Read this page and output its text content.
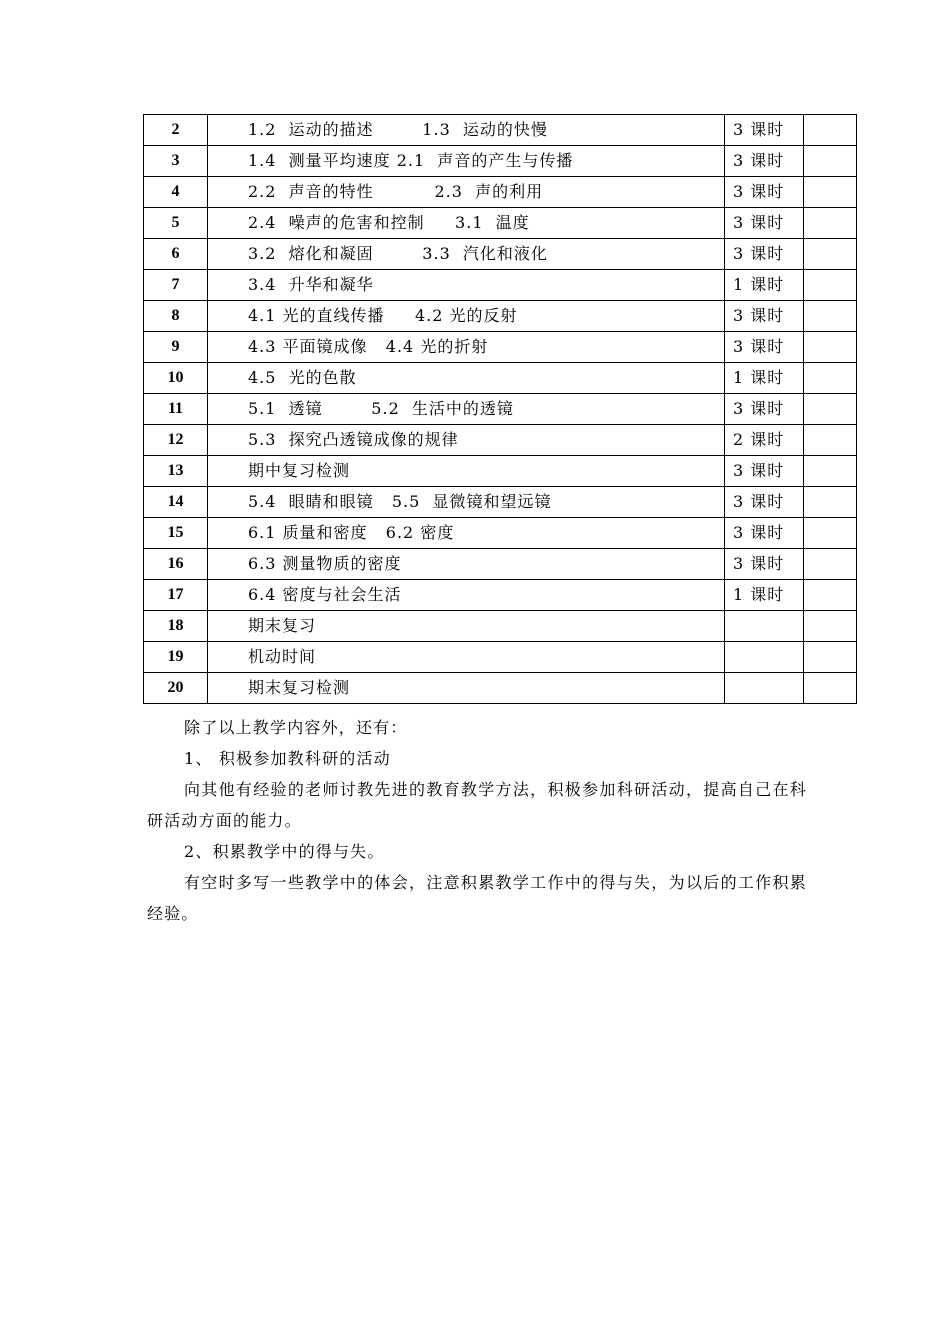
2	1.2  运动的描述        1.3  运动的快慢	3 课时	
3	1.4  测量平均速度 2.1  声音的产生与传播	3 课时	
4	2.2  声音的特性          2.3  声的利用	3 课时	
5	2.4  噪声的危害和控制     3.1  温度	3 课时	
6	3.2  熔化和凝固        3.3  汽化和液化	3 课时	
7	3.4  升华和凝华	1 课时	
8	4.1 光的直线传播     4.2 光的反射	3 课时	
9	4.3 平面镜成像   4.4 光的折射	3 课时	
10	4.5  光的色散	1 课时	
11	5.1  透镜        5.2  生活中的透镜	3 课时	
12	5.3  探究凸透镜成像的规律	2 课时	
13	期中复习检测	3 课时	
14	5.4  眼睛和眼镜   5.5  显微镜和望远镜	3 课时	
15	6.1 质量和密度   6.2 密度	3 课时	
16	6.3 测量物质的密度	3 课时	
17	6.4 密度与社会生活	1 课时	
18	期末复习		
19	机动时间		
20	期末复习检测		

除了以上教学内容外，还有：

1、 积极参加教科研的活动

向其他有经验的老师讨教先进的教育教学方法，积极参加科研活动，提高自己在科研活动方面的能力。

2、积累教学中的得与失。

有空时多写一些教学中的体会，注意积累教学工作中的得与失，为以后的工作积累经验。
